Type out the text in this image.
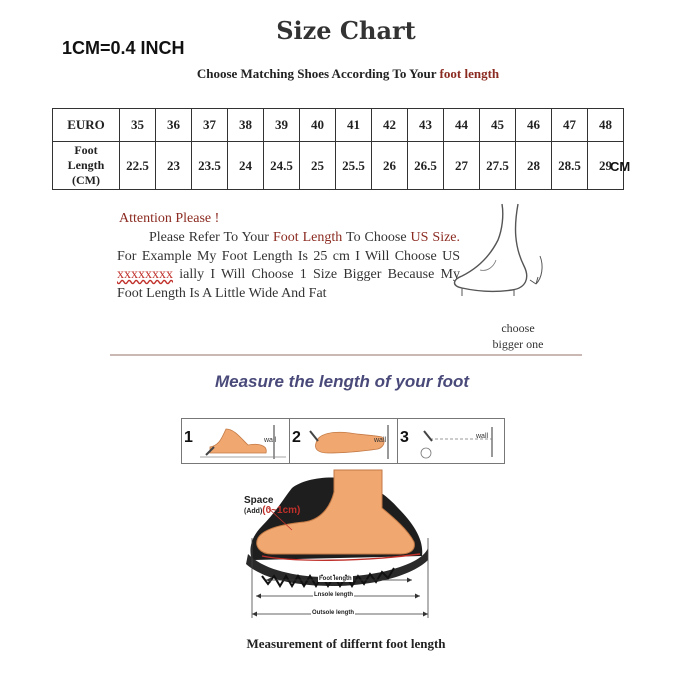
1CM=0.4 INCH
Size Chart
Choose Matching Shoes According To Your foot length
EURO	35	36	37	38	39	40	41	42	43	44	45	46	47	48
Foot
Length
(CM)	22.5	23	23.5	24	24.5	25	25.5	26	26.5	27	27.5	28	28.5	29
CM
Attention Please !
Please Refer To Your Foot Length To Choose US Size. For Example My Foot Length Is 25 cm I Will Choose US xxxxxxxx ially I Will Choose 1 Size Bigger Because My Foot Length Is A Little Wide And Fat
choose
bigger one
Measure the length of your foot
1	wall 2	wall 3	wall
Space
(Add)(0~1cm)
Foot length
Lnsole length
Outsole length
Measurement of differnt foot length
